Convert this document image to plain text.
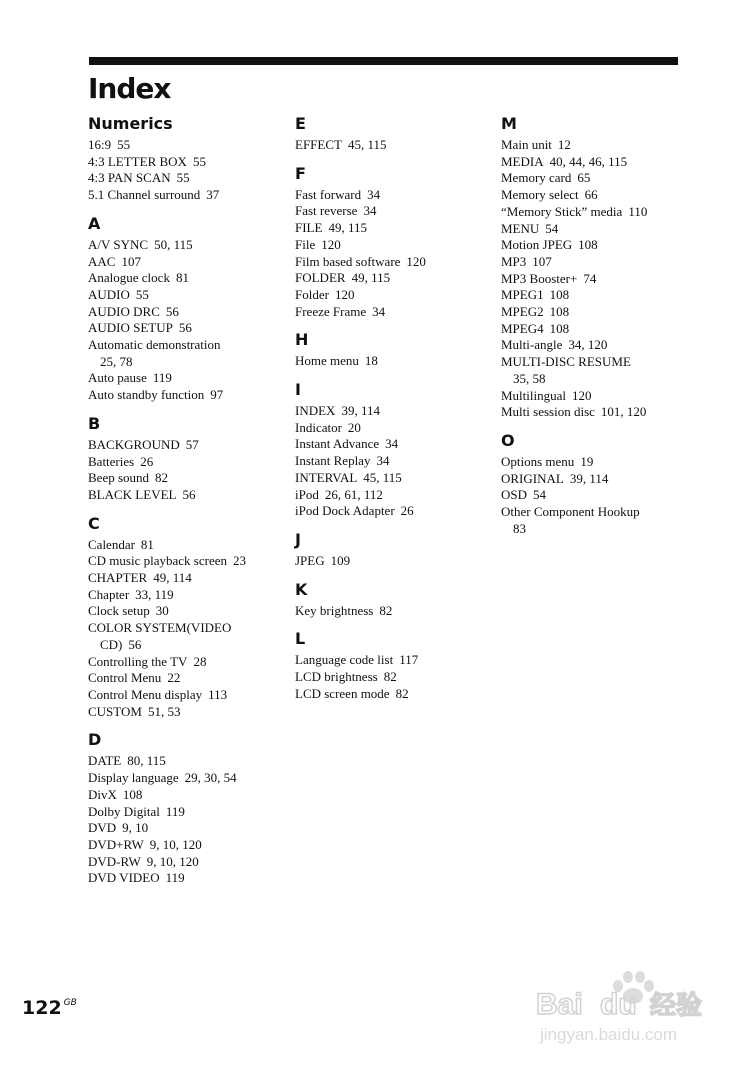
Index
Numerics
16:9 55
4:3 LETTER BOX 55
4:3 PAN SCAN 55
5.1 Channel surround 37
A
A/V SYNC 50, 115
AAC 107
Analogue clock 81
AUDIO 55
AUDIO DRC 56
AUDIO SETUP 56
Automatic demonstration
25, 78
Auto pause 119
Auto standby function 97
B
BACKGROUND 57
Batteries 26
Beep sound 82
BLACK LEVEL 56
C
Calendar 81
CD music playback screen 23
CHAPTER 49, 114
Chapter 33, 119
Clock setup 30
COLOR SYSTEM(VIDEO
CD) 56
Controlling the TV 28
Control Menu 22
Control Menu display 113
CUSTOM 51, 53
D
DATE 80, 115
Display language 29, 30, 54
DivX 108
Dolby Digital 119
DVD 9, 10
DVD+RW 9, 10, 120
DVD-RW 9, 10, 120
DVD VIDEO 119
E
EFFECT 45, 115
F
Fast forward 34
Fast reverse 34
FILE 49, 115
File 120
Film based software 120
FOLDER 49, 115
Folder 120
Freeze Frame 34
H
Home menu 18
I
INDEX 39, 114
Indicator 20
Instant Advance 34
Instant Replay 34
INTERVAL 45, 115
iPod 26, 61, 112
iPod Dock Adapter 26
J
JPEG 109
K
Key brightness 82
L
Language code list 117
LCD brightness 82
LCD screen mode 82
M
Main unit 12
MEDIA 40, 44, 46, 115
Memory card 65
Memory select 66
“Memory Stick” media 110
MENU 54
Motion JPEG 108
MP3 107
MP3 Booster+ 74
MPEG1 108
MPEG2 108
MPEG4 108
Multi-angle 34, 120
MULTI-DISC RESUME
35, 58
Multilingual 120
Multi session disc 101, 120
O
Options menu 19
ORIGINAL 39, 114
OSD 54
Other Component Hookup
83
122 $^{GB}$	Bai du 经验
jingyan.baidu.com
